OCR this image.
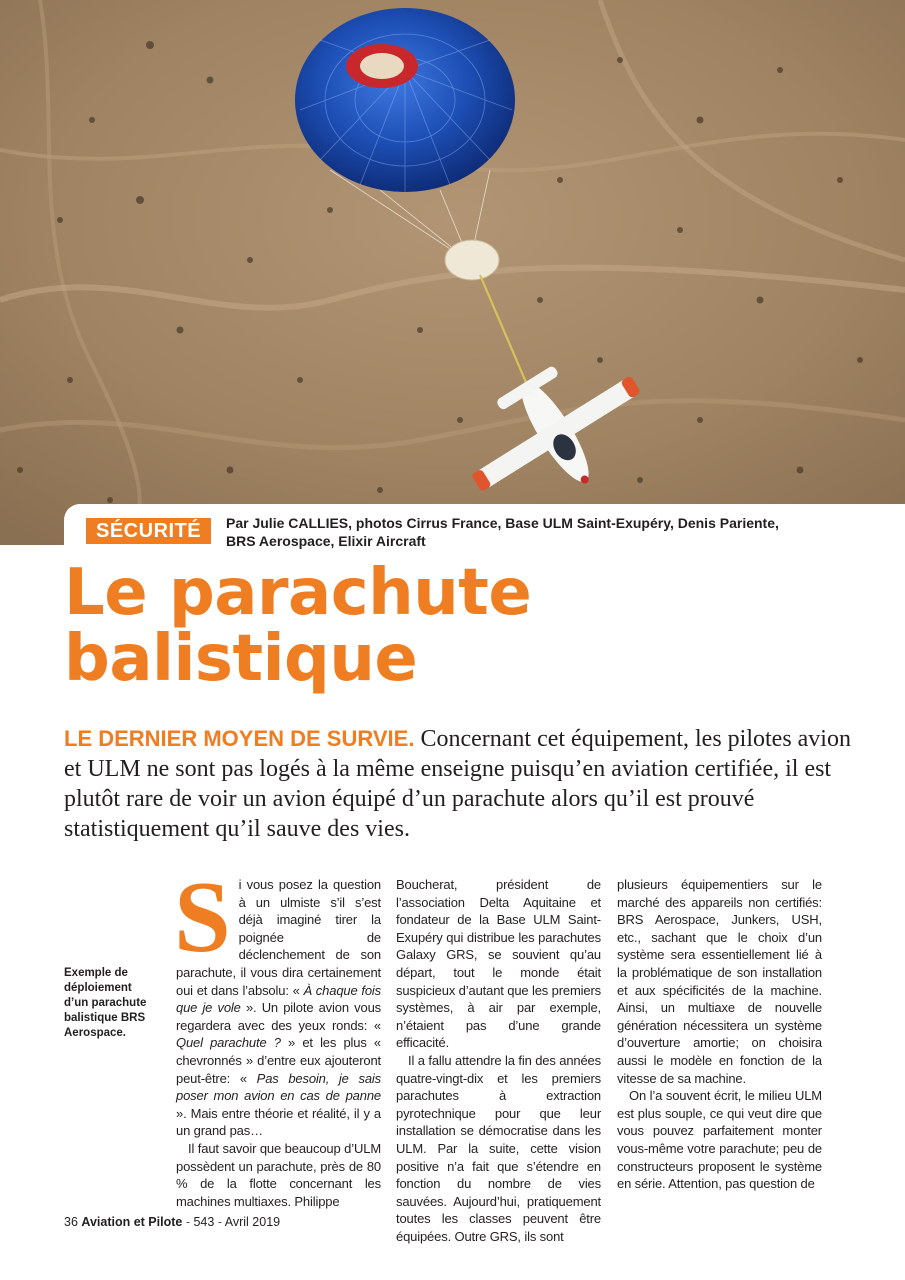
SÉCURITÉ	Par Julie CALLIES, photos Cirrus France, Base ULM Saint-Exupéry, Denis Pariente,
BRS Aerospace, Elixir Aircraft
Le parachute
balistique

LE DERNIER MOYEN DE SURVIE. Concernant cet équipement, les pilotes avion et ULM ne sont pas logés à la même enseigne puisqu’en aviation certifiée, il est plutôt rare de voir un avion équipé d’un parachute alors qu’il est prouvé statistiquement qu’il sauve des vies.

Exemple de déploiement d’un parachute balistique BRS Aerospace.

Si vous posez la question à un ulmiste s’il s’est déjà imaginé tirer la poignée de déclenchement de son parachute, il vous dira certainement oui et dans l’absolu: « À chaque fois que je vole ». Un pilote avion vous regardera avec des yeux ronds: « Quel parachute ? » et les plus « chevronnés » d’entre eux ajouteront peut-être: « Pas besoin, je sais poser mon avion en cas de panne ». Mais entre théorie et réalité, il y a un grand pas…

Il faut savoir que beaucoup d’ULM possèdent un parachute, près de 80 % de la flotte concernant les machines multiaxes. Philippe

Boucherat, président de l’association Delta Aquitaine et fondateur de la Base ULM Saint-Exupéry qui distribue les parachutes Galaxy GRS, se souvient qu’au départ, tout le monde était suspicieux d’autant que les premiers systèmes, à air par exemple, n’étaient pas d’une grande efficacité.

Il a fallu attendre la fin des années quatre-vingt-dix et les premiers parachutes à extraction pyrotechnique pour que leur installation se démocratise dans les ULM. Par la suite, cette vision positive n’a fait que s’étendre en fonction du nombre de vies sauvées. Aujourd’hui, pratiquement toutes les classes peuvent être équipées. Outre GRS, ils sont

plusieurs équipementiers sur le marché des appareils non certifiés: BRS Aerospace, Junkers, USH, etc., sachant que le choix d’un système sera essentiellement lié à la problématique de son installation et aux spécificités de la machine. Ainsi, un multiaxe de nouvelle génération nécessitera un système d’ouverture amortie; on choisira aussi le modèle en fonction de la vitesse de sa machine.

On l’a souvent écrit, le milieu ULM est plus souple, ce qui veut dire que vous pouvez parfaitement monter vous-même votre parachute; peu de constructeurs proposent le système en série. Attention, pas question de

36 Aviation et Pilote - 543 - Avril 2019
